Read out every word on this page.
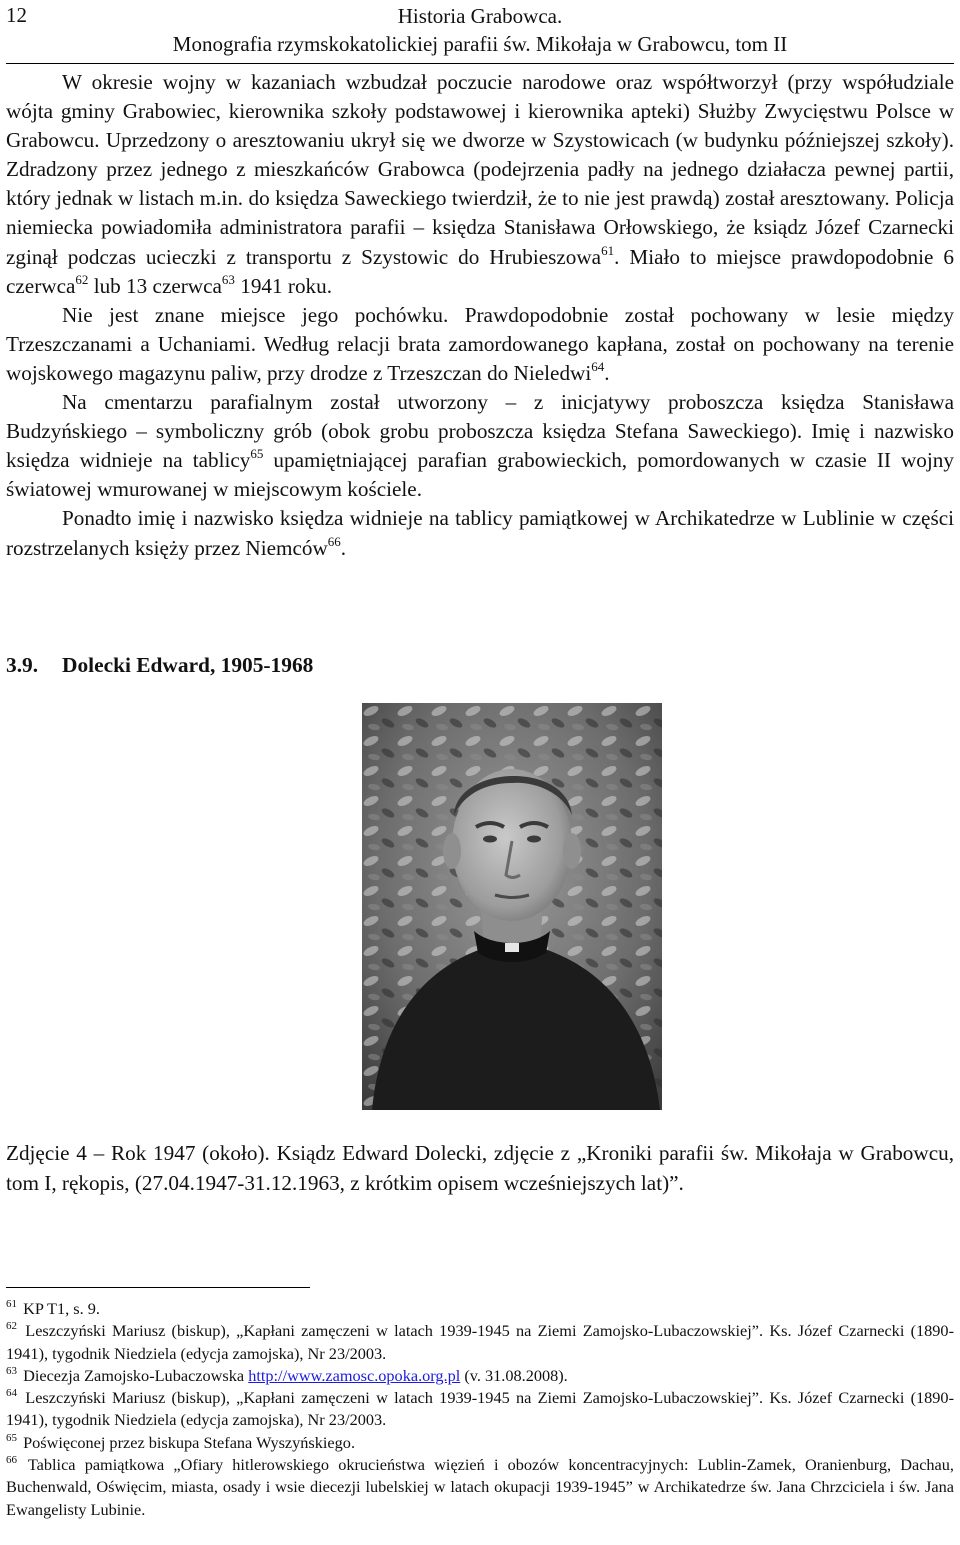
12	Historia Grabowca.
Monografia rzymskokatolickiej parafii św. Mikołaja w Grabowcu, tom II

W okresie wojny w kazaniach wzbudzał poczucie narodowe oraz współtworzył (przy współudziale wójta gminy Grabowiec, kierownika szkoły podstawowej i kierownika apteki) Służby Zwycięstwu Polsce w Grabowcu. Uprzedzony o aresztowaniu ukrył się we dworze w Szystowicach (w budynku późniejszej szkoły). Zdradzony przez jednego z mieszkańców Grabowca (podejrzenia padły na jednego działacza pewnej partii, który jednak w listach m.in. do księdza Saweckiego twierdził, że to nie jest prawdą) został aresztowany. Policja niemiecka powiadomiła administratora parafii – księdza Stanisława Orłowskiego, że ksiądz Józef Czarnecki zginął podczas ucieczki z transportu z Szystowic do Hrubieszowa$^{61}$. Miało to miejsce prawdopodobnie 6 czerwca$^{62}$ lub 13 czerwca$^{63}$ 1941 roku.

Nie jest znane miejsce jego pochówku. Prawdopodobnie został pochowany w lesie między Trzeszczanami a Uchaniami. Według relacji brata zamordowanego kapłana, został on pochowany na terenie wojskowego magazynu paliw, przy drodze z Trzeszczan do Nieledwi$^{64}$.

Na cmentarzu parafialnym został utworzony – z inicjatywy proboszcza księdza Stanisława Budzyńskiego – symboliczny grób (obok grobu proboszcza księdza Stefana Saweckiego). Imię i nazwisko księdza widnieje na tablicy$^{65}$ upamiętniającej parafian grabowieckich, pomordowanych w czasie II wojny światowej wmurowanej w miejscowym kościele.

Ponadto imię i nazwisko księdza widnieje na tablicy pamiątkowej w Archikatedrze w Lublinie w części rozstrzelanych księży przez Niemców$^{66}$.

3.9. Dolecki Edward, 1905-1968

Zdjęcie 4 – Rok 1947 (około). Ksiądz Edward Dolecki, zdjęcie z „Kroniki parafii św. Mikołaja w Grabowcu, tom I, rękopis, (27.04.1947-31.12.1963, z krótkim opisem wcześniejszych lat)”.

$^{61}$ KP T1, s. 9.

$^{62}$ Leszczyński Mariusz (biskup), „Kapłani zamęczeni w latach 1939-1945 na Ziemi Zamojsko-Lubaczowskiej”. Ks. Józef Czarnecki (1890-1941), tygodnik Niedziela (edycja zamojska), Nr 23/2003.

$^{63}$ Diecezja Zamojsko-Lubaczowska http://www.zamosc.opoka.org.pl (v. 31.08.2008).

$^{64}$ Leszczyński Mariusz (biskup), „Kapłani zamęczeni w latach 1939-1945 na Ziemi Zamojsko-Lubaczowskiej”. Ks. Józef Czarnecki (1890-1941), tygodnik Niedziela (edycja zamojska), Nr 23/2003.

$^{65}$ Poświęconej przez biskupa Stefana Wyszyńskiego.

$^{66}$ Tablica pamiątkowa „Ofiary hitlerowskiego okrucieństwa więzień i obozów koncentracyjnych: Lublin-Zamek, Oranienburg, Dachau, Buchenwald, Oświęcim, miasta, osady i wsie diecezji lubelskiej w latach okupacji 1939-1945” w Archikatedrze św. Jana Chrzciciela i św. Jana Ewangelisty Lubinie.
